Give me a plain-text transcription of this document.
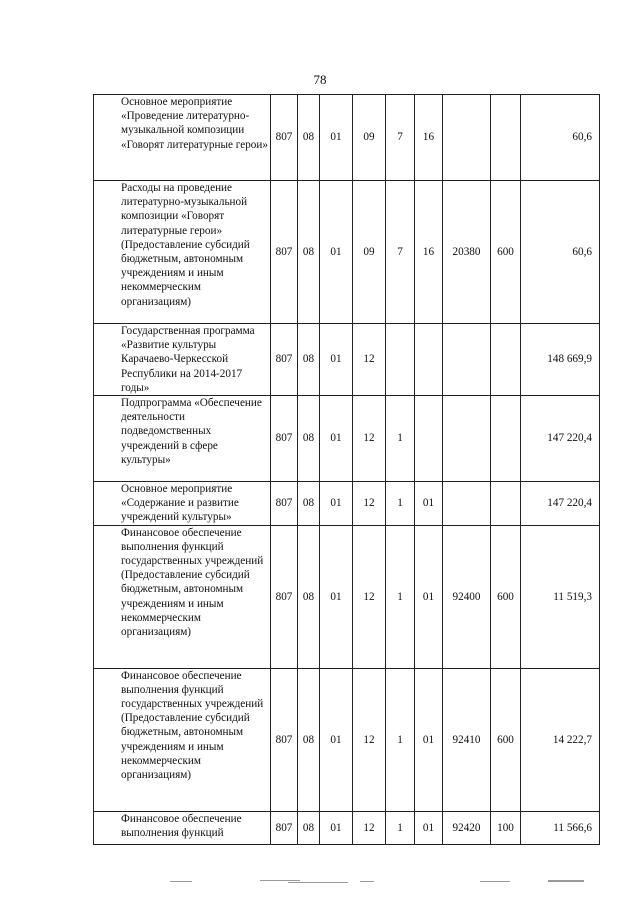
78
Основное мероприятие «Проведение литературно-музыкальной композиции «Говорят литературные герои»	807	08	01	09	7	16			60,6
Расходы на проведение литературно-музыкальной композиции «Говорят литературные герои» (Предоставление субсидий бюджетным, автономным учреждениям и иным некоммерческим организациям)	807	08	01	09	7	16	20380	600	60,6
Государственная программа «Развитие культуры Карачаево-Черкесской Республики на 2014-2017 годы»	807	08	01	12					148 669,9
Подпрограмма «Обеспечение деятельности подведомственных учреждений в сфере культуры»	807	08	01	12	1				147 220,4
Основное мероприятие «Содержание и развитие учреждений культуры»	807	08	01	12	1	01			147 220,4
Финансовое обеспечение выполнения функций государственных учреждений (Предоставление субсидий бюджетным, автономным учреждениям и иным некоммерческим организациям)	807	08	01	12	1	01	92400	600	11 519,3
Финансовое обеспечение выполнения функций государственных учреждений (Предоставление субсидий бюджетным, автономным учреждениям и иным некоммерческим организациям)	807	08	01	12	1	01	92410	600	14 222,7
Финансовое обеспечение выполнения функций	807	08	01	12	1	01	92420	100	11 566,6
